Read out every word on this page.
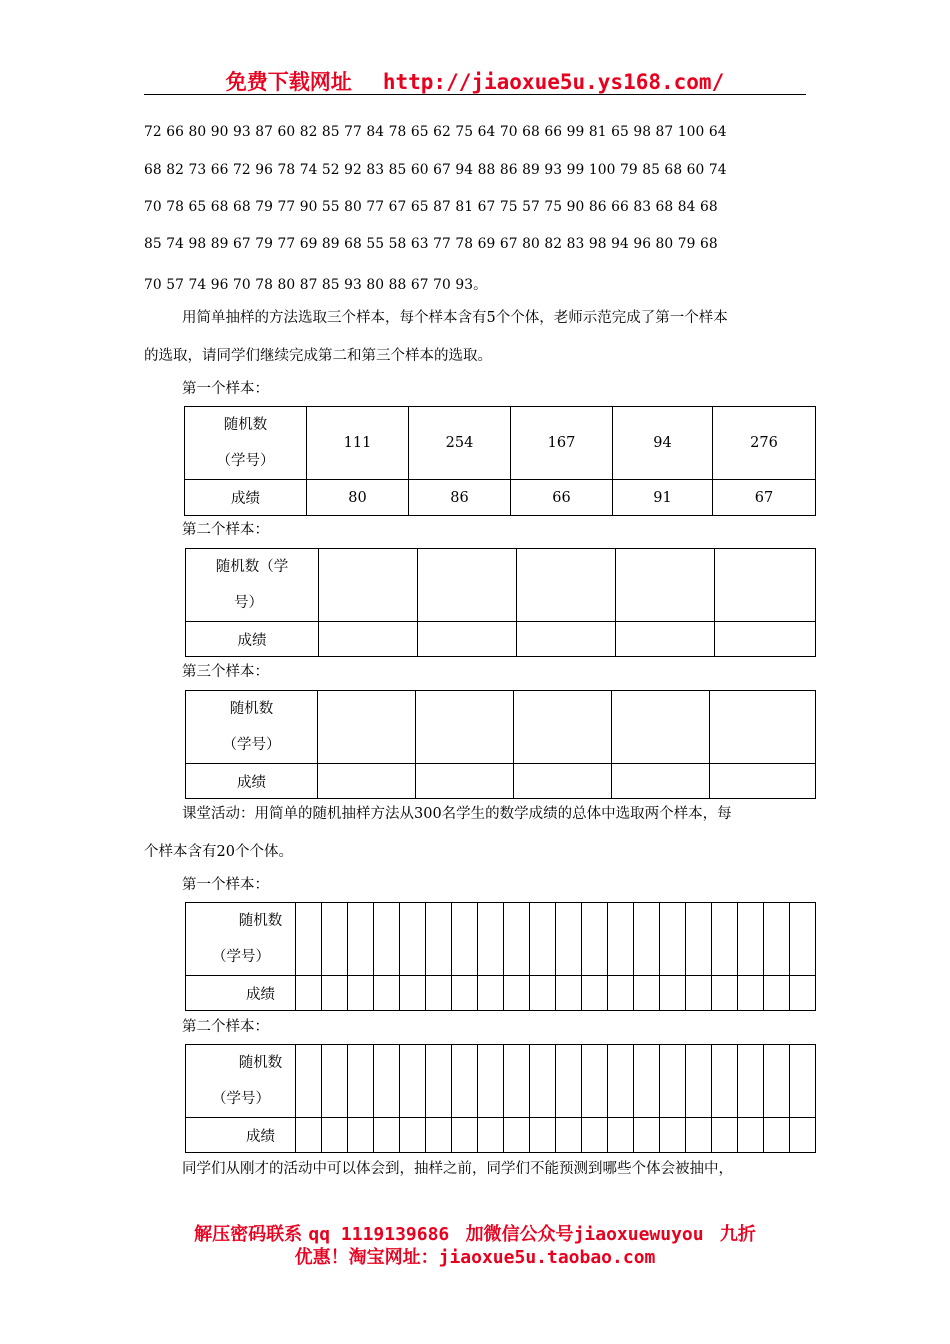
免费下载网址 http://jiaoxue5u.ys168.com/
72 66 80 90 93 87 60 82 85 77 84 78 65 62 75 64 70 68 66 99 81 65 98 87 100 64
68 82 73 66 72 96 78 74 52 92 83 85 60 67 94 88 86 89 93 99 100 79 85 68 60 74
70 78 65 68 68 79 77 90 55 80 77 67 65 87 81 67 75 57 75 90 86 66 83 68 84 68
85 74 98 89 67 79 77 69 89 68 55 58 63 77 78 69 67 80 82 83 98 94 96 80 79 68
70 57 74 96 70 78 80 87 85 93 80 88 67 70 93。
用简单抽样的方法选取三个样本，每个样本含有5个个体，老师示范完成了第一个样本
的选取，请同学们继续完成第二和第三个样本的选取。
第一个样本：
随机数
（学号）	111	254	167	94	276
成绩	80	86	66	91	67
第二个样本：
随机数（学
号）					

成绩					
第三个样本：
随机数
（学号）					

成绩					
课堂活动：用简单的随机抽样方法从300名学生的数学成绩的总体中选取两个样本，每
个样本含有20个个体。
第一个样本：
随机数
（学号）																				

成绩																				
第二个样本：
随机数
（学号）																				

成绩																				
同学们从刚才的活动中可以体会到，抽样之前，同学们不能预测到哪些个体会被抽中，
解压密码联系 qq 1119139686 加微信公众号jiaoxuewuyou 九折
优惠！淘宝网址：jiaoxue5u.taobao.com
